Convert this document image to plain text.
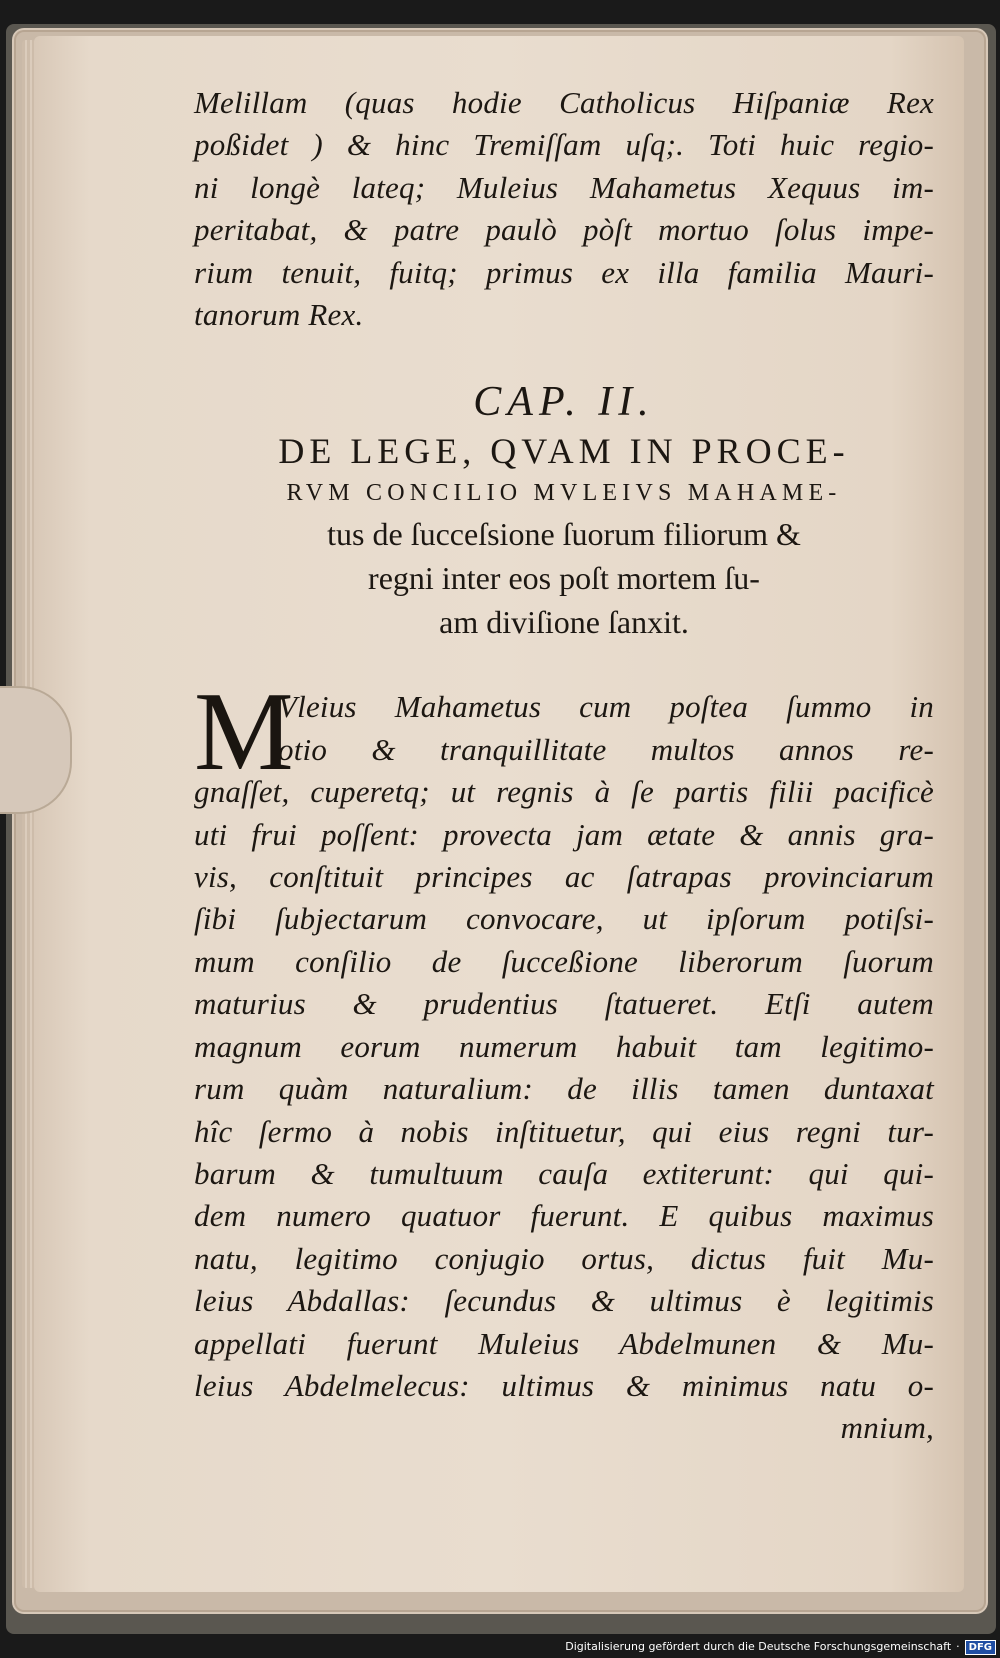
Melillam (quas hodie Catholicus Hiſpaniæ Rex
poßidet ) & hinc Tremiſſam uſq;. Toti huic regio-
ni longè lateq; Muleius Mahametus Xequus im-
peritabat, & patre paulò pòſt mortuo ſolus impe-
rium tenuit, fuitq; primus ex illa familia Mauri-
tanorum Rex.
CAP. II.
DE LEGE, QVAM IN PROCE-
RVM CONCILIO MVLEIVS MAHAME-
tus de ſucceſsione ſuorum filiorum &
regni inter eos poſt mortem ſu-
am diviſione ſanxit.
M
Vleius Mahametus cum poſtea ſummo in
otio & tranquillitate multos annos re-
gnaſſet, cuperetq; ut regnis à ſe partis filii pacificè
uti frui poſſent: provecta jam ætate & annis gra-
vis, conſtituit principes ac ſatrapas provinciarum
ſibi ſubjectarum convocare, ut ipſorum potiſsi-
mum conſilio de ſucceßione liberorum ſuorum
maturius & prudentius ſtatueret. Etſi autem
magnum eorum numerum habuit tam legitimo-
rum quàm naturalium: de illis tamen duntaxat
hîc ſermo à nobis inſtituetur, qui eius regni tur-
barum & tumultuum cauſa extiterunt: qui qui-
dem numero quatuor fuerunt. E quibus maximus
natu, legitimo conjugio ortus, dictus fuit Mu-
leius Abdallas: ſecundus & ultimus è legitimis
appellati fuerunt Muleius Abdelmunen & Mu-
leius Abdelmelecus: ultimus & minimus natu o-
mnium,
Digitalisierung gefördert durch die Deutsche Forschungsgemeinschaft · DFG
